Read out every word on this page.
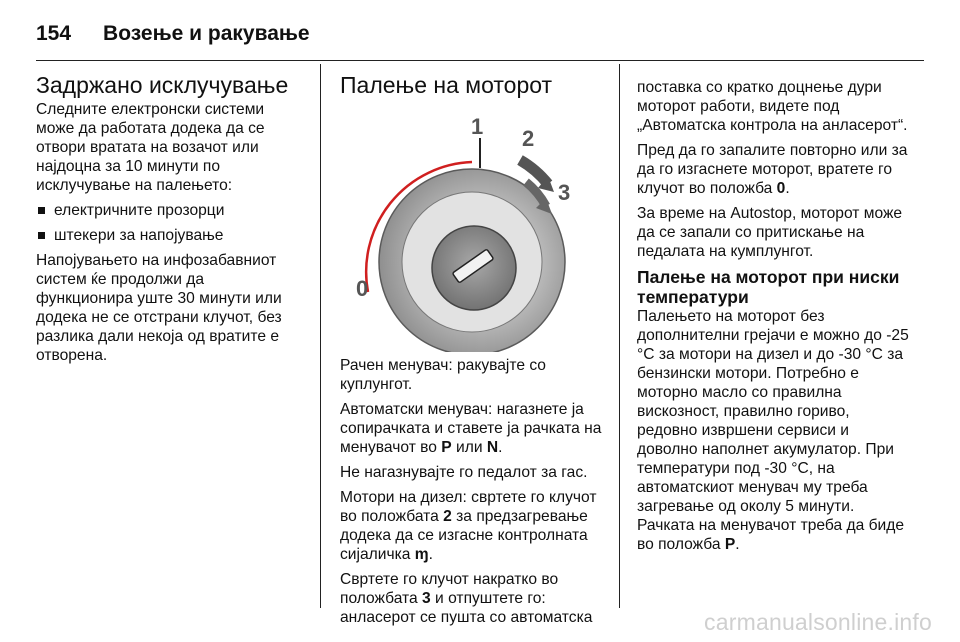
154 Возење и ракување
Задржано исклучување

Следните електронски системи може да работата додека да се отвори вратата на возачот или најдоцна за 10 минути по исклучување на палењето:

електричните прозорци
штекери за напојување

Напојувањето на инфозабавниот систем ќе продолжи да функционира уште 30 минути или додека не се отстрани клучот, без разлика дали некоја од вратите е отворена.

Палење на моторот
0
1 2
3

Рачен менувач: ракувајте со куплунгот.

Автоматски менувач: нагазнете ја сопирачката и ставете ја рачката на менувачот во P или N.

Не нагазнувајте го педалот за гас.

Мотори на дизел: свртете го клучот во положбата 2 за предзагревање додека да се изгасне контролната сијаличка ɱ.

Свртете го клучот накратко во положбата 3 и отпуштете го: анласерот се пушта со автоматска

поставка со кратко доцнење дури моторот работи, видете под „Автоматска контрола на анласерот“.

Пред да го запалите повторно или за да го изгаснете моторот, вратете го клучот во положба 0.

За време на Autostop, моторот може да се запали со притискање на педалата на кумплунгот.

Палење на моторот при ниски температури

Палењето на моторот без дополнителни грејачи е можно до -25 °C за мотори на дизел и до -30 °C за бензински мотори. Потребно е моторно масло со правилна вискозност, правилно гориво, редовно извршени сервиси и доволно наполнет акумулатор. При температури под -30 °C, на автоматскиот менувач му треба загревање од околу 5 минути.

Рачката на менувачот треба да биде во положба P.

carmanualsonline.info
